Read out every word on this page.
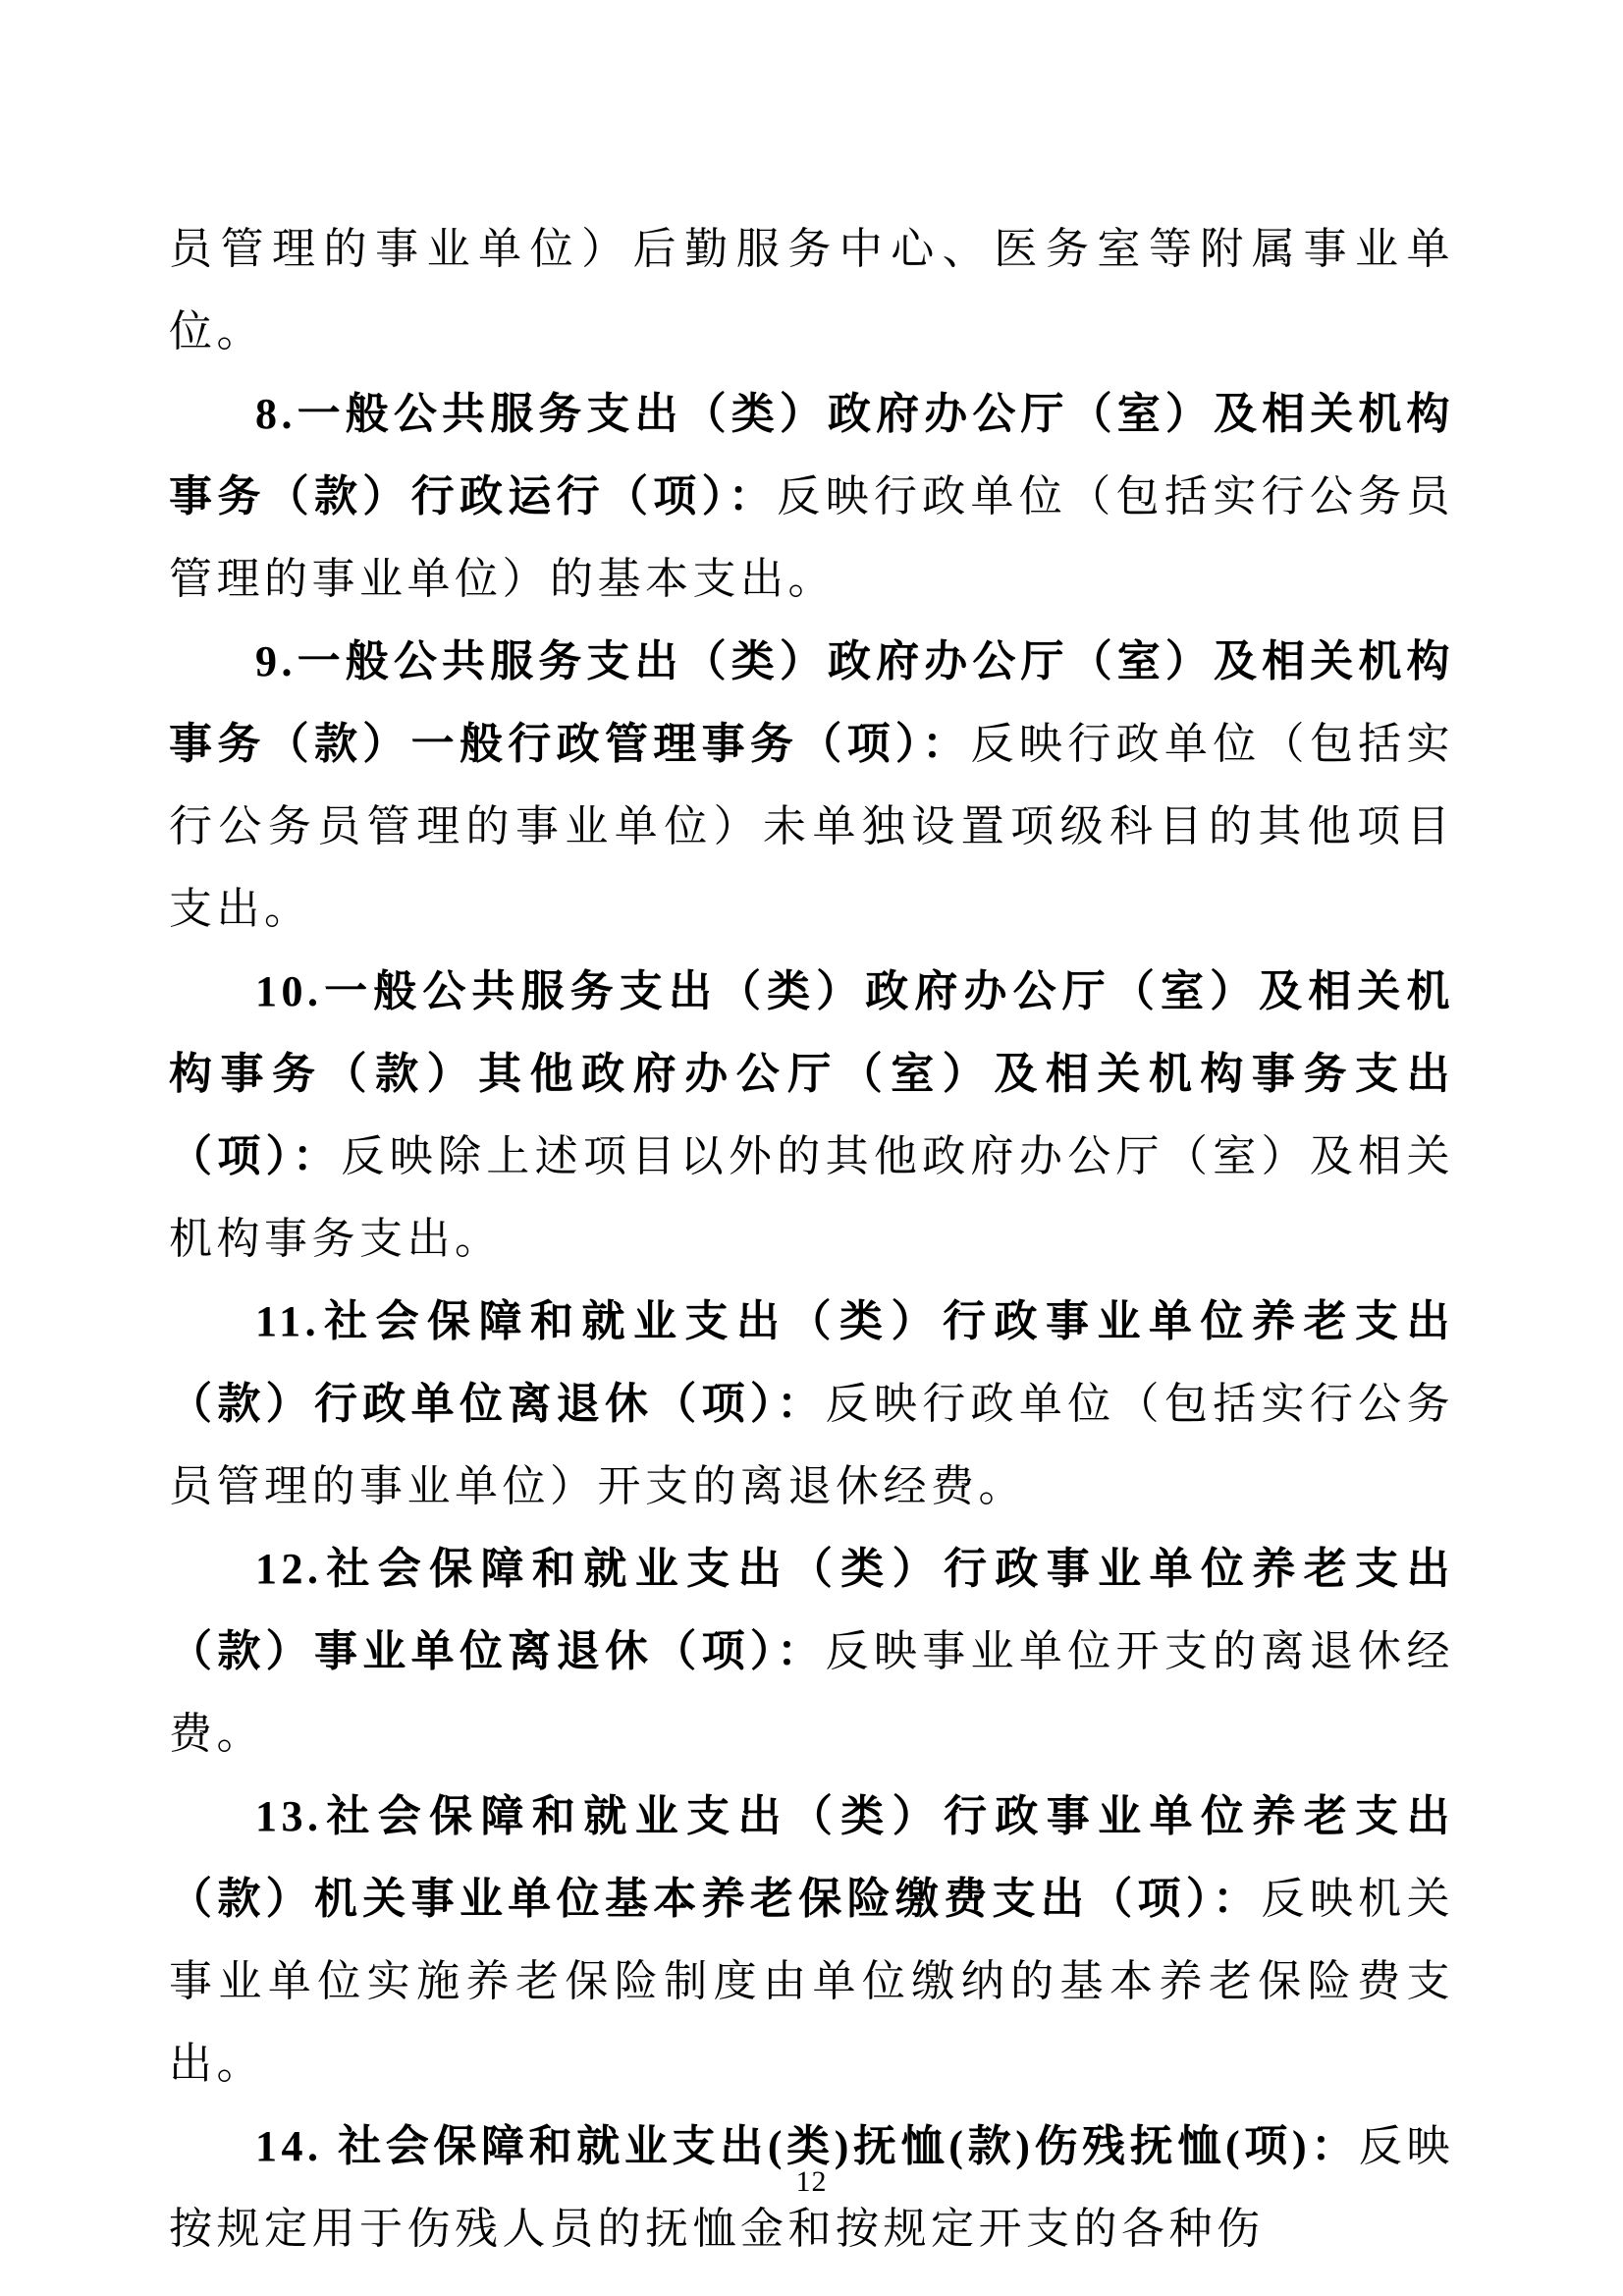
员管理的事业单位）后勤服务中心、医务室等附属事业单位。

8.一般公共服务支出（类）政府办公厅（室）及相关机构事务（款）行政运行（项）：反映行政单位（包括实行公务员管理的事业单位）的基本支出。

9.一般公共服务支出（类）政府办公厅（室）及相关机构事务（款）一般行政管理事务（项）：反映行政单位（包括实行公务员管理的事业单位）未单独设置项级科目的其他项目支出。

10.一般公共服务支出（类）政府办公厅（室）及相关机构事务（款）其他政府办公厅（室）及相关机构事务支出（项）：反映除上述项目以外的其他政府办公厅（室）及相关机构事务支出。

11.社会保障和就业支出（类）行政事业单位养老支出（款）行政单位离退休（项）：反映行政单位（包括实行公务员管理的事业单位）开支的离退休经费。

12.社会保障和就业支出（类）行政事业单位养老支出（款）事业单位离退休（项）：反映事业单位开支的离退休经费。

13.社会保障和就业支出（类）行政事业单位养老支出（款）机关事业单位基本养老保险缴费支出（项）：反映机关事业单位实施养老保险制度由单位缴纳的基本养老保险费支出。

14. 社会保障和就业支出(类)抚恤(款)伤残抚恤(项)：反映按规定用于伤残人员的抚恤金和按规定开支的各种伤

12
